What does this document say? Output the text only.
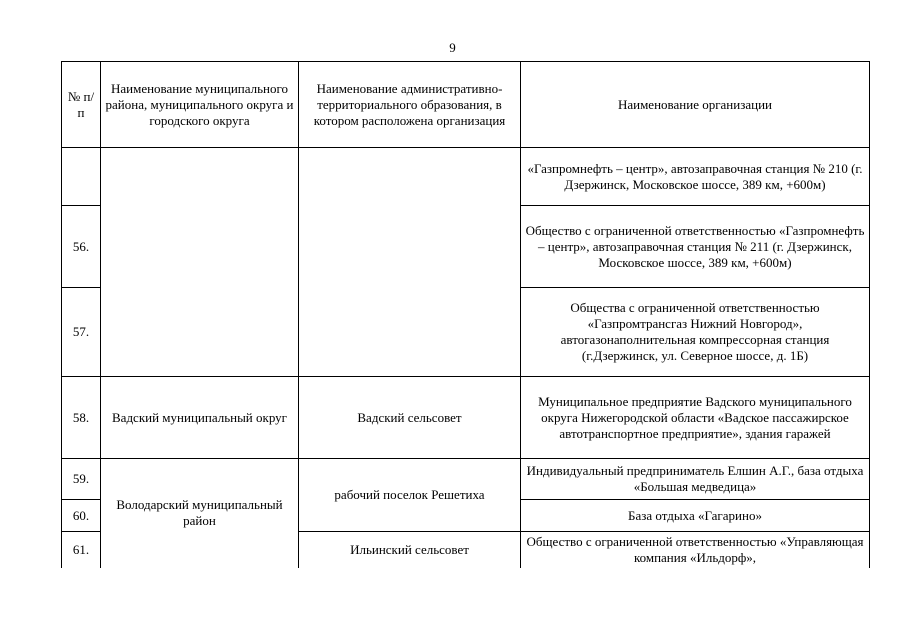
9
№ п/п	Наименование муниципального района, муниципального округа и городского округа	Наименование административно-территориального образования, в котором расположена организация	Наименование организации
			«Газпромнефть – центр», автозаправочная станция № 210 (г. Дзержинск, Московское шоссе, 389 км, +600м)
56.			Общество с ограниченной ответственностью «Газпромнефть – центр», автозаправочная станция № 211 (г. Дзержинск, Московское шоссе, 389 км, +600м)
57.			Общества с ограниченной ответственностью «Газпромтрансгаз Нижний Новгород», автогазонаполнительная компрессорная станция (г.Дзержинск, ул. Северное шоссе, д. 1Б)
58.	Вадский муниципальный округ	Вадский сельсовет	Муниципальное предприятие Вадского муниципального округа Нижегородской области «Вадское пассажирское автотранспортное предприятие», здания гаражей
59.	Володарский муниципальный район	рабочий поселок Решетиха	Индивидуальный предприниматель Елшин А.Г., база отдыха «Большая медведица»
60.			База отдыха «Гагарино»
61.		Ильинский сельсовет	Общество с ограниченной ответственностью «Управляющая компания «Ильдорф»,
